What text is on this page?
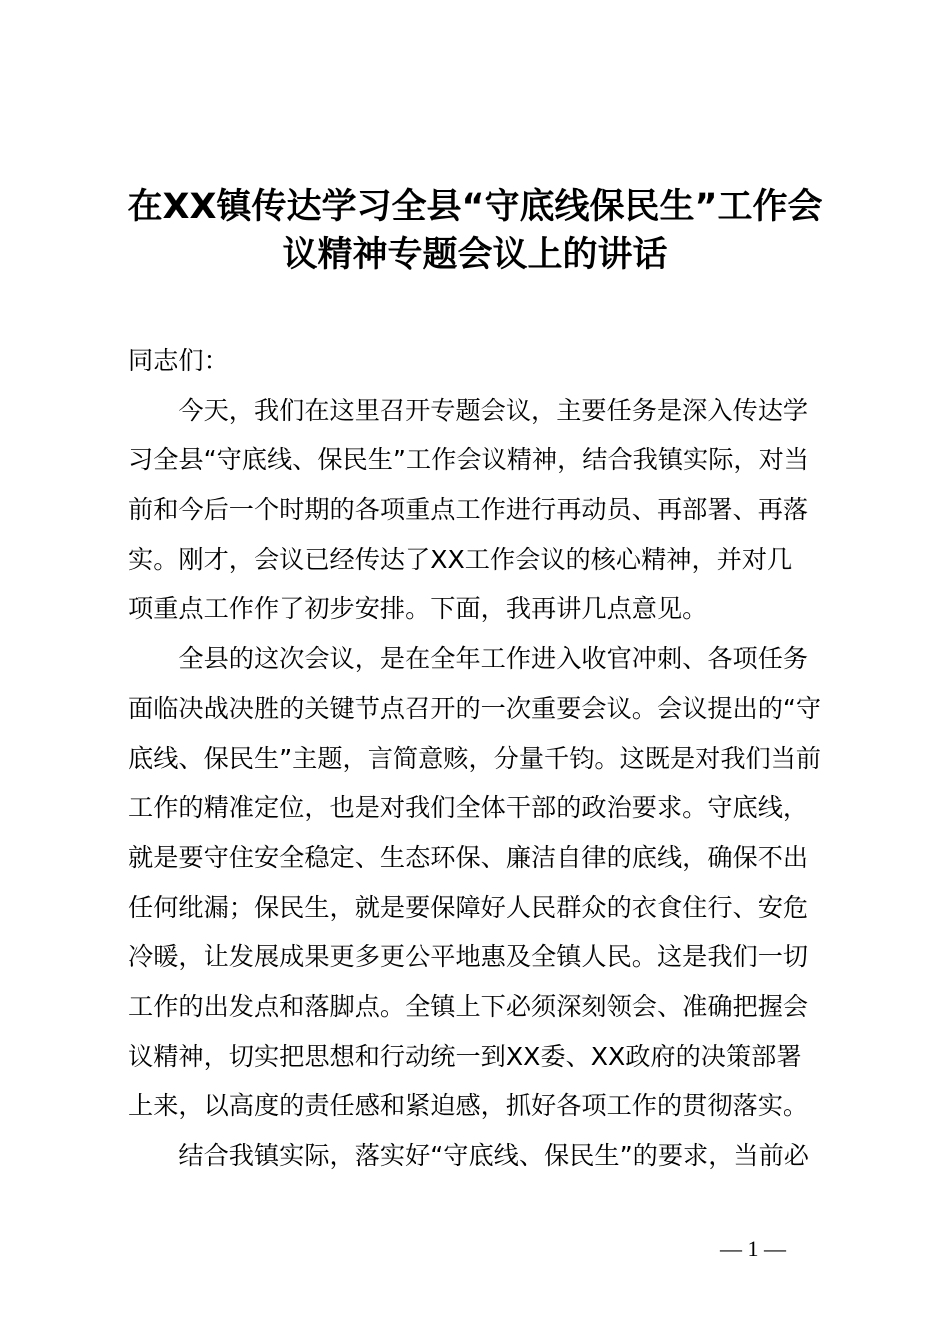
在XX镇传达学习全县“守底线保民生”工作会
议精神专题会议上的讲话
同志们：
　　今天，我们在这里召开专题会议，主要任务是深入传达学
习全县“守底线、保民生”工作会议精神，结合我镇实际，对当
前和今后一个时期的各项重点工作进行再动员、再部署、再落
实。刚才，会议已经传达了XX工作会议的核心精神，并对几
项重点工作作了初步安排。下面，我再讲几点意见。
　　全县的这次会议，是在全年工作进入收官冲刺、各项任务
面临决战决胜的关键节点召开的一次重要会议。会议提出的“守
底线、保民生”主题，言简意赅，分量千钧。这既是对我们当前
工作的精准定位，也是对我们全体干部的政治要求。守底线，
就是要守住安全稳定、生态环保、廉洁自律的底线，确保不出
任何纰漏；保民生，就是要保障好人民群众的衣食住行、安危
冷暖，让发展成果更多更公平地惠及全镇人民。这是我们一切
工作的出发点和落脚点。全镇上下必须深刻领会、准确把握会
议精神，切实把思想和行动统一到XX委、XX政府的决策部署
上来，以高度的责任感和紧迫感，抓好各项工作的贯彻落实。
　　结合我镇实际，落实好“守底线、保民生”的要求，当前必
— 1 —
